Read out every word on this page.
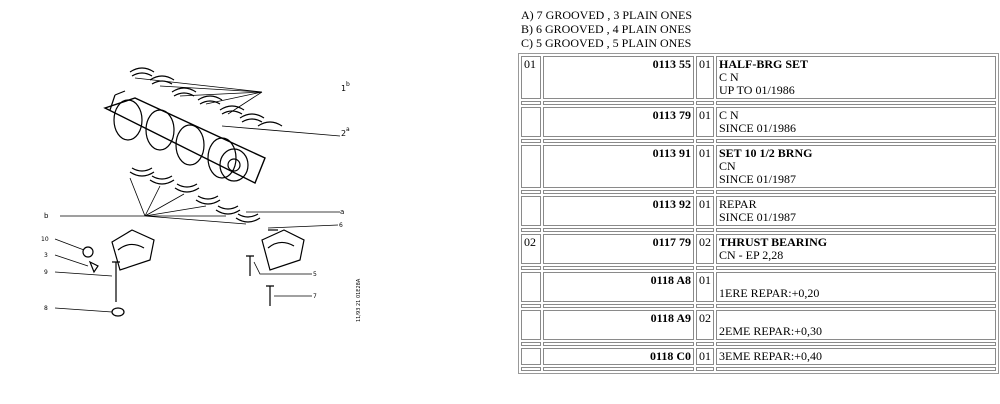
1 b
2 a
b	a
6
10
3
9	5
7
8	11/93 21 01E28A
A) 7 GROOVED , 3 PLAIN ONES
B) 6 GROOVED , 4 PLAIN ONES
C) 5 GROOVED , 5 PLAIN ONES
01	0113 55	01	HALF-BRG SET
C N
UP TO 01/1986

	0113 79	01	C N
SINCE 01/1986

	0113 91	01	SET 10 1/2 BRNG
CN
SINCE 01/1987

	0113 92	01	REPAR
SINCE 01/1987

02	0117 79	02	THRUST BEARING
CN - EP 2,28

	0118 A8	01	1ERE REPAR:+0,20

	0118 A9	02	2EME REPAR:+0,30

	0118 C0	01	3EME REPAR:+0,40
